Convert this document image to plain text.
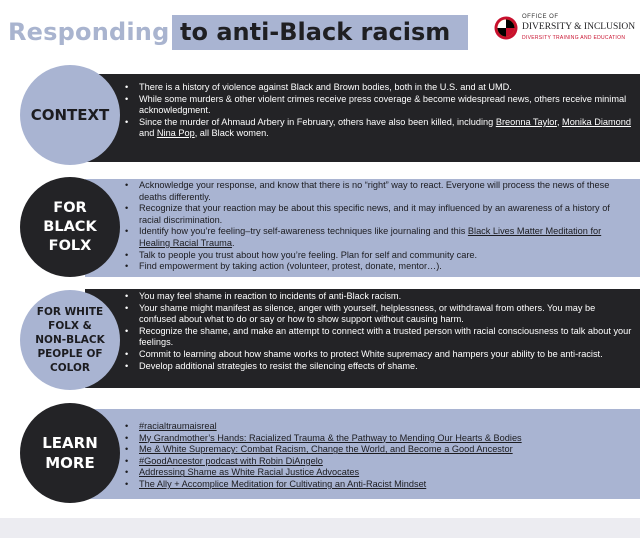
Responding to anti-Black racism
OFFICE OF
DIVERSITY & INCLUSION
DIVERSITY TRAINING AND EDUCATION
• There is a history of violence against Black and Brown bodies, both in the U.S. and at UMD.
• While some murders & other violent crimes receive press coverage & become widespread news, others receive minimal acknowledgment.
• Since the murder of Ahmaud Arbery in February, others have also been killed, including Breonna Taylor, Monika Diamond and Nina Pop, all Black women.
CONTEXT
• Acknowledge your response, and know that there is no “right” way to react. Everyone will process the news of these deaths differently.
• Recognize that your reaction may be about this specific news, and it may influenced by an awareness of a history of racial discrimination.
• Identify how you’re feeling–try self-awareness techniques like journaling and this Black Lives Matter Meditation for Healing Racial Trauma.
• Talk to people you trust about how you’re feeling. Plan for self and community care.
• Find empowerment by taking action (volunteer, protest, donate, mentor…).
FOR
BLACK
FOLX
• You may feel shame in reaction to incidents of anti-Black racism.
• Your shame might manifest as silence, anger with yourself, helplessness, or withdrawal from others. You may be confused about what to do or say or how to show support without causing harm.
• Recognize the shame, and make an attempt to connect with a trusted person with racial consciousness to talk about your feelings.
• Commit to learning about how shame works to protect White supremacy and hampers your ability to be anti-racist.
• Develop additional strategies to resist the silencing effects of shame.
FOR WHITE
FOLX &
NON-BLACK
PEOPLE OF
COLOR
• #racialtraumaisreal
• My Grandmother’s Hands: Racialized Trauma & the Pathway to Mending Our Hearts & Bodies
• Me & White Supremacy: Combat Racism, Change the World, and Become a Good Ancestor
• #GoodAncestor podcast with Robin DiAngelo
• Addressing Shame as White Racial Justice Advocates
• The Ally + Accomplice Meditation for Cultivating an Anti-Racist Mindset
LEARN
MORE
